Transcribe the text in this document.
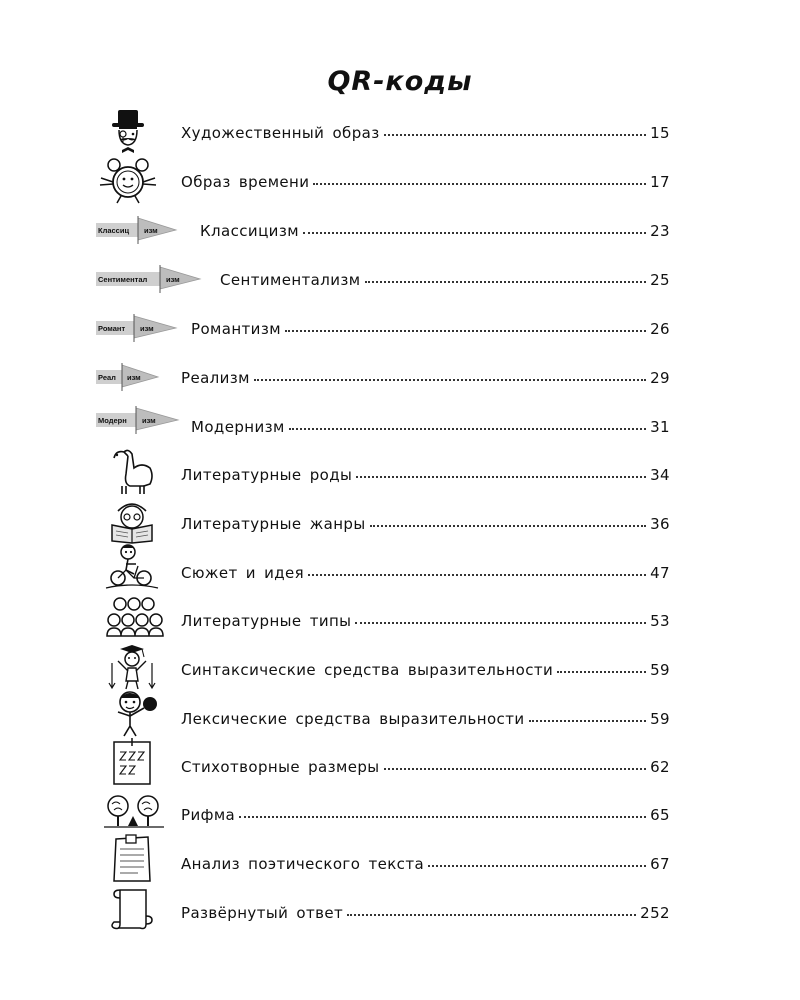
QR-коды
Художественный образ	15
Образ времени	17
Классиц изм	Классицизм	23
Сентиментал изм	Сентиментализм	25
Романт изм Романтизм	26
Реал изм	Реализм	29
Модерн изм Модернизм	31
Литературные роды	34
Литературные жанры	36
Сюжет и идея	47
Литературные типы	53
Синтаксические средства выразительности	59
Лексические средства выразительности	59
Стихотворные размеры	62
Рифма	65
Анализ поэтического текста	67
Развёрнутый ответ	252
